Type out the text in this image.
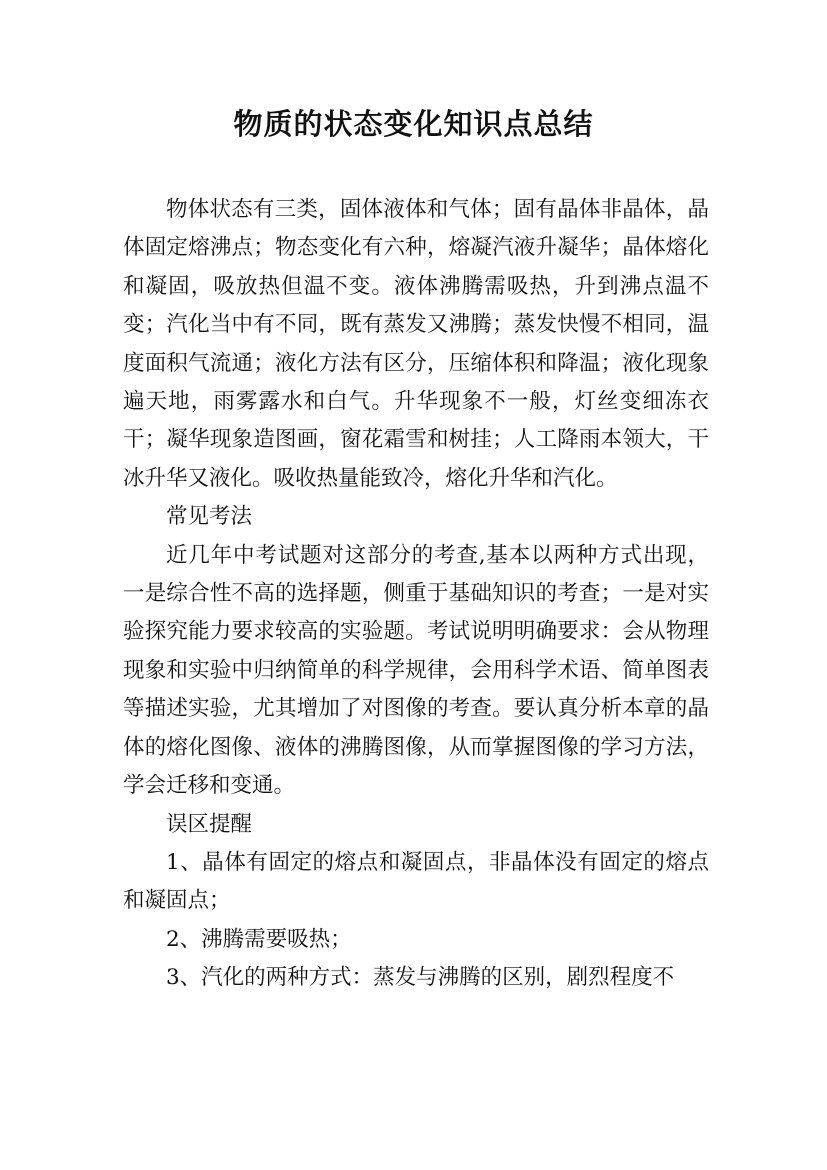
物质的状态变化知识点总结

物体状态有三类，固体液体和气体；固有晶体非晶体，晶体固定熔沸点；物态变化有六种，熔凝汽液升凝华；晶体熔化和凝固，吸放热但温不变。液体沸腾需吸热，升到沸点温不变；汽化当中有不同，既有蒸发又沸腾；蒸发快慢不相同，温度面积气流通；液化方法有区分，压缩体积和降温；液化现象遍天地，雨雾露水和白气。升华现象不一般，灯丝变细冻衣干；凝华现象造图画，窗花霜雪和树挂；人工降雨本领大，干冰升华又液化。吸收热量能致冷，熔化升华和汽化。

常见考法

近几年中考试题对这部分的考查,基本以两种方式出现，一是综合性不高的选择题，侧重于基础知识的考查；一是对实验探究能力要求较高的实验题。考试说明明确要求：会从物理现象和实验中归纳简单的科学规律，会用科学术语、简单图表等描述实验，尤其增加了对图像的考查。要认真分析本章的晶体的熔化图像、液体的沸腾图像，从而掌握图像的学习方法，学会迁移和变通。

误区提醒

1、晶体有固定的熔点和凝固点，非晶体没有固定的熔点和凝固点；

2、沸腾需要吸热；

3、汽化的两种方式：蒸发与沸腾的区别，剧烈程度不
